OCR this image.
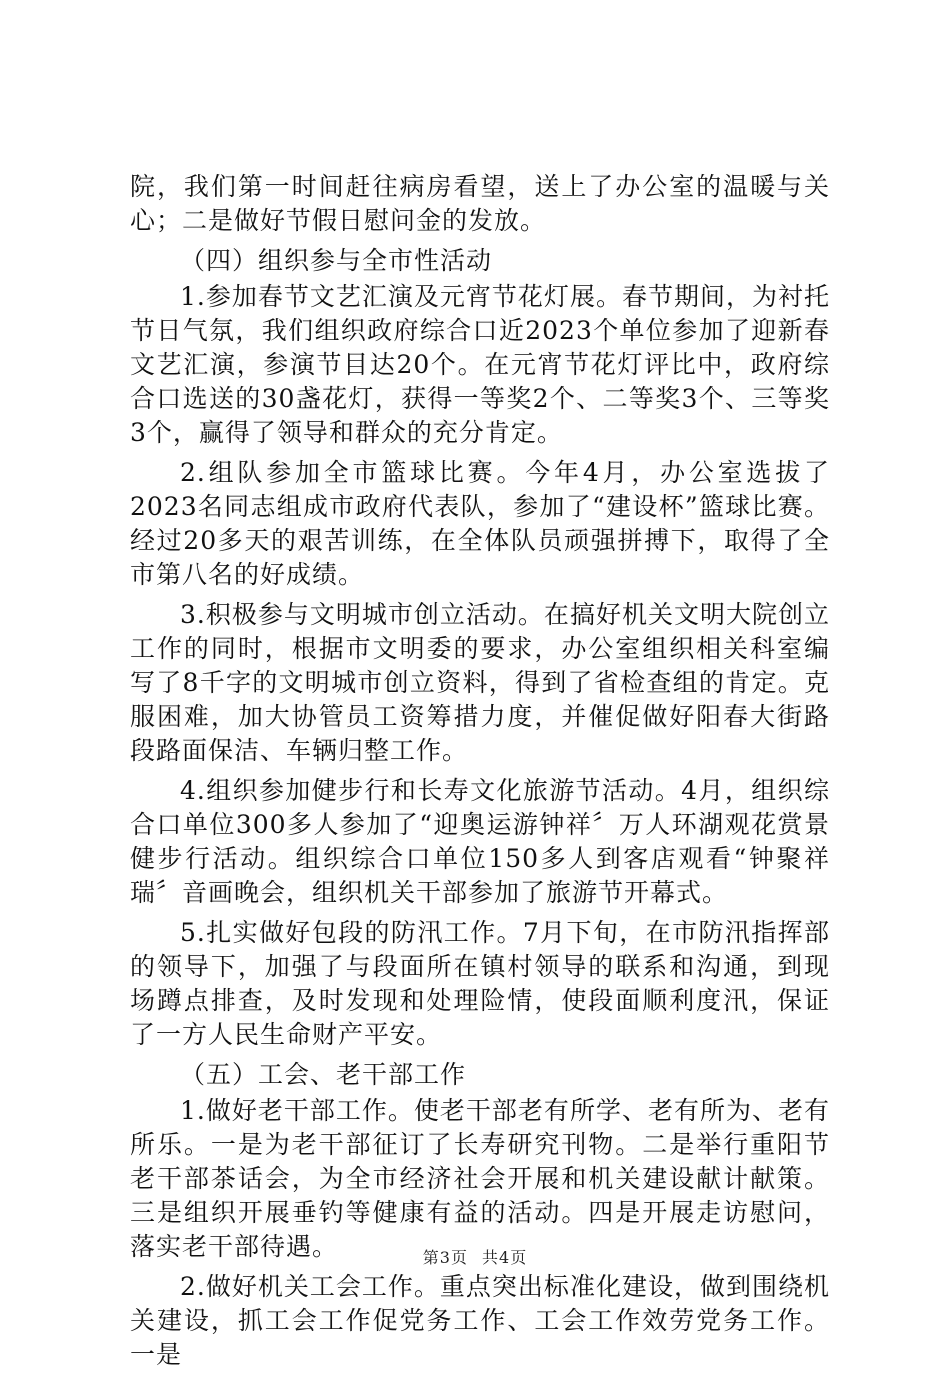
院，我们第一时间赶往病房看望，送上了办公室的温暖与关心；二是做好节假日慰问金的发放。

（四）组织参与全市性活动

1.参加春节文艺汇演及元宵节花灯展。春节期间，为衬托节日气氛，我们组织政府综合口近2023个单位参加了迎新春文艺汇演，参演节目达20个。在元宵节花灯评比中，政府综合口选送的30盏花灯，获得一等奖2个、二等奖3个、三等奖3个，赢得了领导和群众的充分肯定。

2.组队参加全市篮球比赛。今年4月，办公室选拔了2023名同志组成市政府代表队，参加了“建设杯”篮球比赛。经过20多天的艰苦训练，在全体队员顽强拼搏下，取得了全市第八名的好成绩。

3.积极参与文明城市创立活动。在搞好机关文明大院创立工作的同时，根据市文明委的要求，办公室组织相关科室编写了8千字的文明城市创立资料，得到了省检查组的肯定。克服困难，加大协管员工资筹措力度，并催促做好阳春大街路段路面保洁、车辆归整工作。

4.组织参加健步行和长寿文化旅游节活动。4月，组织综合口单位300多人参加了“迎奥运游钟祥〞万人环湖观花赏景健步行活动。组织综合口单位150多人到客店观看“钟聚祥瑞〞音画晚会，组织机关干部参加了旅游节开幕式。

5.扎实做好包段的防汛工作。7月下旬，在市防汛指挥部的领导下，加强了与段面所在镇村领导的联系和沟通，到现场蹲点排查，及时发现和处理险情，使段面顺利度汛，保证了一方人民生命财产平安。

（五）工会、老干部工作

1.做好老干部工作。使老干部老有所学、老有所为、老有所乐。一是为老干部征订了长寿研究刊物。二是举行重阳节老干部茶话会，为全市经济社会开展和机关建设献计献策。三是组织开展垂钓等健康有益的活动。四是开展走访慰问，落实老干部待遇。

2.做好机关工会工作。重点突出标准化建设，做到围绕机关建设，抓工会工作促党务工作、工会工作效劳党务工作。一是

第3页 共4页
